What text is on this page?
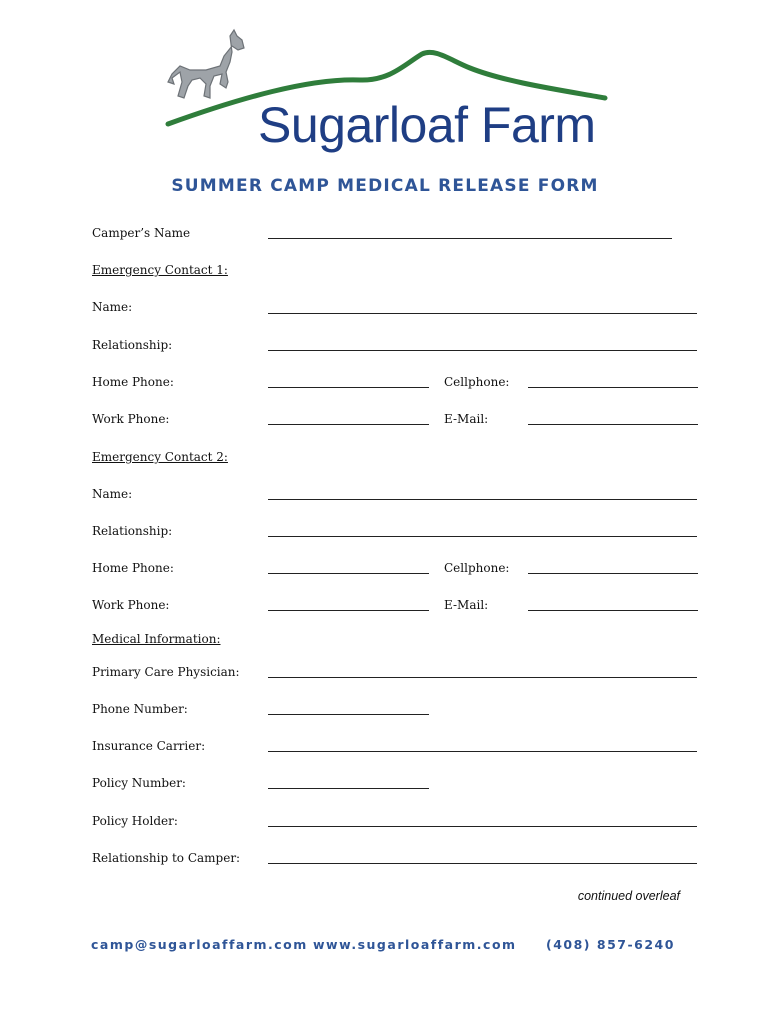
Sugarloaf Farm
SUMMER CAMP MEDICAL RELEASE FORM
Camper’s Name
Emergency Contact 1:
Name:
Relationship:
Home Phone:	Cellphone:
Work Phone:	E-Mail:
Emergency Contact 2:
Name:
Relationship:
Home Phone:	Cellphone:
Work Phone:	E-Mail:
Medical Information:
Primary Care Physician:
Phone Number:
Insurance Carrier:
Policy Number:
Policy Holder:
Relationship to Camper:
continued overleaf
camp@sugarloaffarm.com www.sugarloaffarm.com (408) 857-6240
